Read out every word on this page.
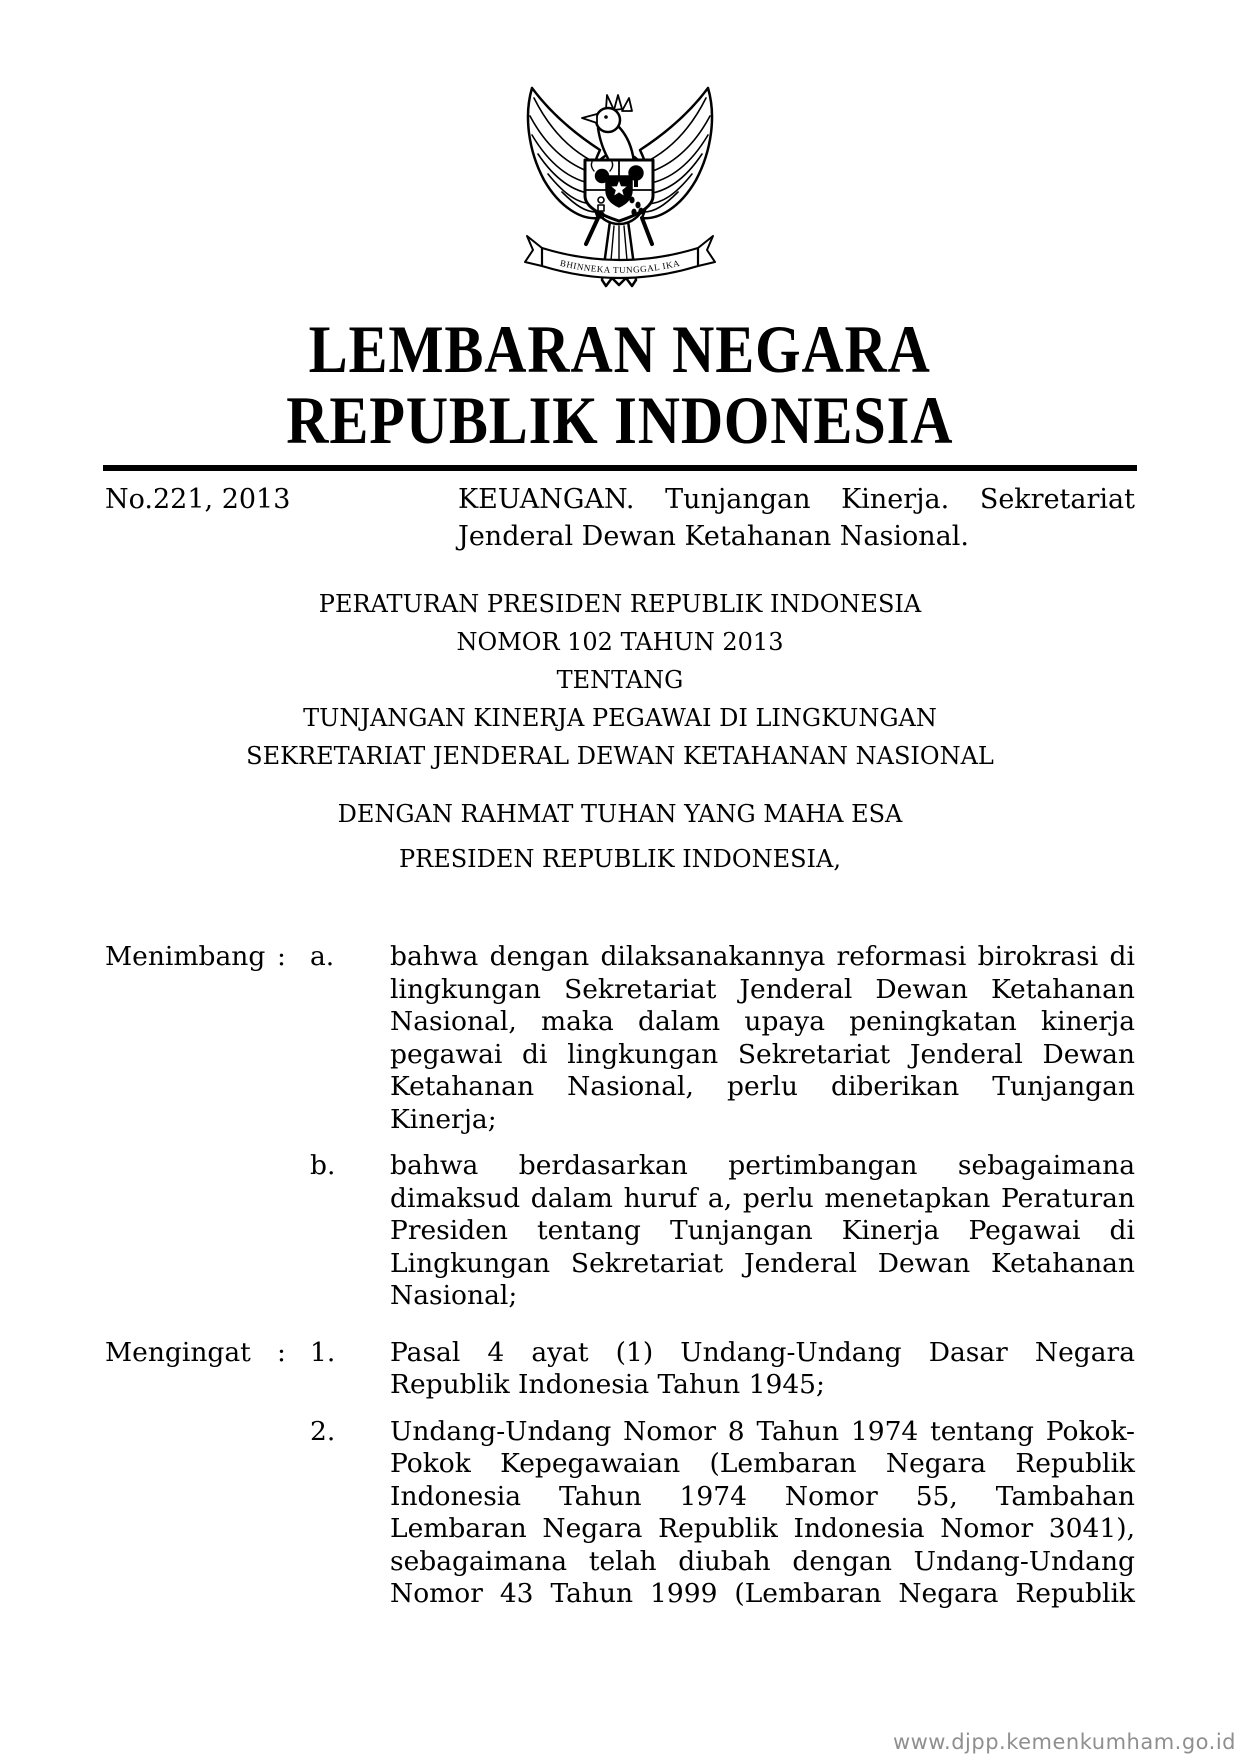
BHINNEKA TUNGGAL IKA
LEMBARAN NEGARA
REPUBLIK INDONESIA
No.221, 2013	KEUANGAN. Tunjangan Kinerja. Sekretariat
Jenderal Dewan Ketahanan Nasional.
PERATURAN PRESIDEN REPUBLIK INDONESIA
NOMOR 102 TAHUN 2013
TENTANG
TUNJANGAN KINERJA PEGAWAI DI LINGKUNGAN
SEKRETARIAT JENDERAL DEWAN KETAHANAN NASIONAL
DENGAN RAHMAT TUHAN YANG MAHA ESA
PRESIDEN REPUBLIK INDONESIA,
Menimbang : a.	bahwa dengan dilaksanakannya reformasi birokrasi di
lingkungan Sekretariat Jenderal Dewan Ketahanan
Nasional, maka dalam upaya peningkatan kinerja
pegawai di lingkungan Sekretariat Jenderal Dewan
Ketahanan Nasional, perlu diberikan Tunjangan
Kinerja;
b.	bahwa berdasarkan pertimbangan sebagaimana
dimaksud dalam huruf a, perlu menetapkan Peraturan
Presiden tentang Tunjangan Kinerja Pegawai di
Lingkungan Sekretariat Jenderal Dewan Ketahanan
Nasional;
Mengingat : 1.	Pasal 4 ayat (1) Undang-Undang Dasar Negara
Republik Indonesia Tahun 1945;
2.	Undang-Undang Nomor 8 Tahun 1974 tentang Pokok-
Pokok Kepegawaian (Lembaran Negara Republik
Indonesia Tahun 1974 Nomor 55, Tambahan
Lembaran Negara Republik Indonesia Nomor 3041),
sebagaimana telah diubah dengan Undang-Undang
Nomor 43 Tahun 1999 (Lembaran Negara Republik
www.djpp.kemenkumham.go.id
